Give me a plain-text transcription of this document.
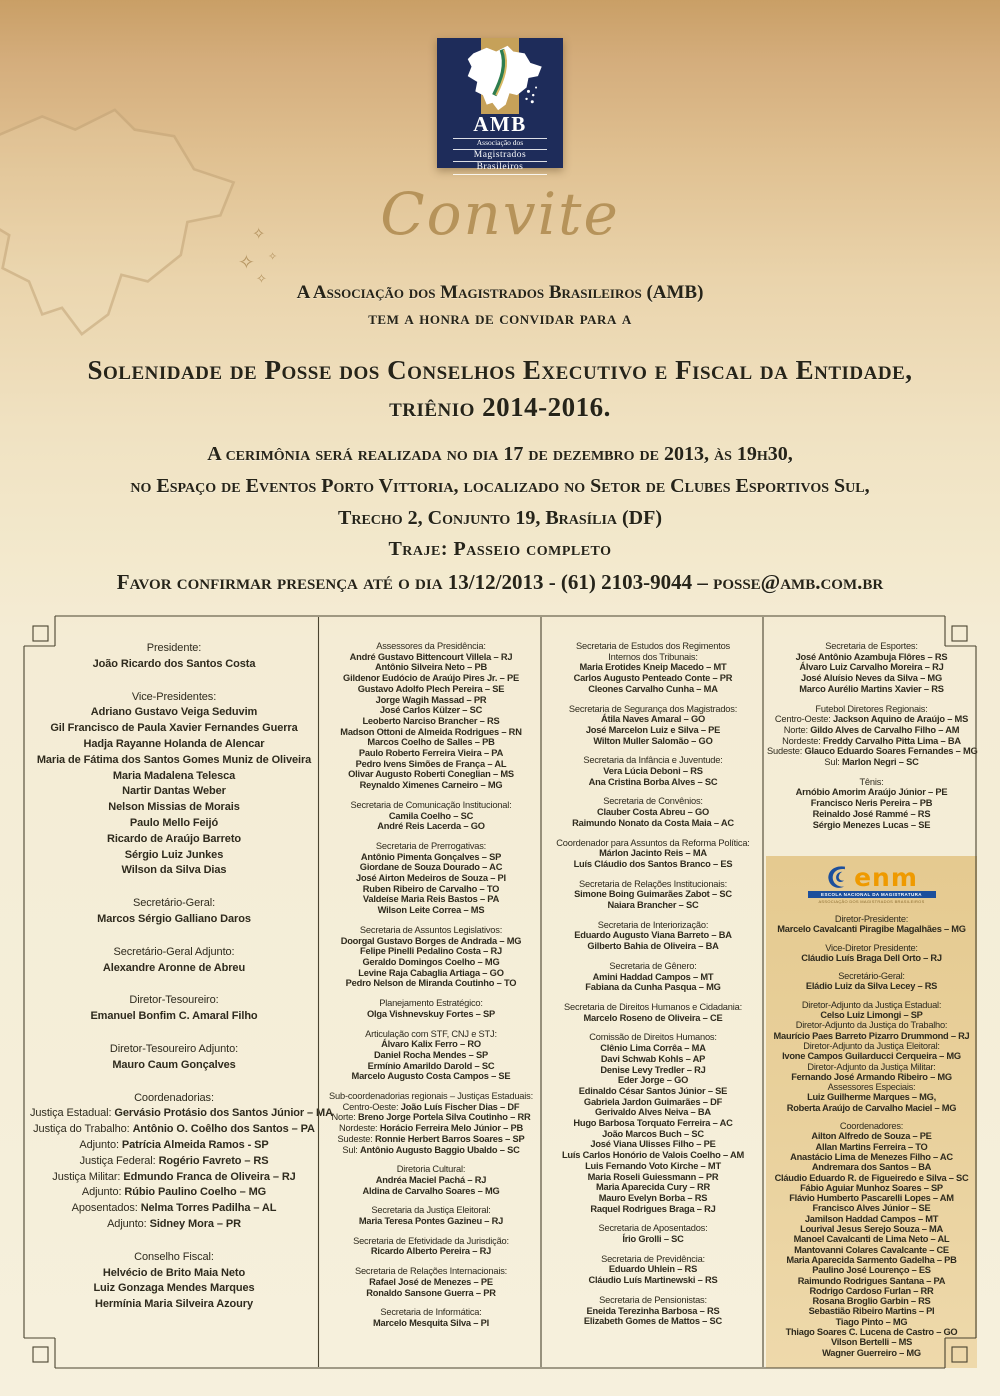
✧
✧ ✧
✧
AMB
Associação dos
Magistrados
Brasileiros
Convite

A Associação dos Magistrados Brasileiros (AMB)

tem a honra de convidar para a

Solenidade de Posse dos Conselhos Executivo e Fiscal da Entidade,
triênio 2014-2016.

A cerimônia será realizada no dia 17 de dezembro de 2013, às 19h30,
no Espaço de Eventos Porto Vittoria, localizado no Setor de Clubes Esportivos Sul,
Trecho 2, Conjunto 19, Brasília (DF)

Traje: Passeio completo

Favor confirmar presença até o dia 13/12/2013 - (61) 2103-9044 – posse@amb.com.br

enm
ESCOLA NACIONAL DA MAGISTRATURA
ASSOCIAÇÃO DOS MAGISTRADOS BRASILEIROS
Diretor-Presidente:
Marcelo Cavalcanti Piragibe Magalhães – MG
Vice-Diretor Presidente:
Cláudio Luís Braga Dell Orto – RJ
Secretário-Geral:
Eládio Luiz da Silva Lecey – RS
Diretor-Adjunto da Justiça Estadual:
Celso Luiz Limongi – SP
Diretor-Adjunto da Justiça do Trabalho:
Maurício Paes Barreto Pizarro Drummond – RJ
Diretor-Adjunto da Justiça Eleitoral:
Ivone Campos Guilarducci Cerqueira – MG
Diretor-Adjunto da Justiça Militar:
Fernando José Armando Ribeiro – MG
Assessores Especiais:
Luiz Guilherme Marques – MG,
Roberta Araújo de Carvalho Maciel – MG
Coordenadores:
Ailton Alfredo de Souza – PE
Allan Martins Ferreira – TO
Anastácio Lima de Menezes Filho – AC
Andremara dos Santos – BA
Cláudio Eduardo R. de Figueiredo e Silva – SC
Fábio Aguiar Munhoz Soares – SP
Flávio Humberto Pascarelli Lopes – AM
Francisco Alves Júnior – SE
Jamilson Haddad Campos – MT
Lourival Jesus Serejo Souza – MA
Manoel Cavalcanti de Lima Neto – AL
Mantovanni Colares Cavalcante – CE
Maria Aparecida Sarmento Gadelha – PB
Paulino José Lourenço – ES
Raimundo Rodrigues Santana – PA
Rodrigo Cardoso Furlan – RR
Rosana Broglio Garbin – RS
Sebastião Ribeiro Martins – PI
Tiago Pinto – MG
Thiago Soares C. Lucena de Castro – GO
Vilson Bertelli – MS
Wagner Guerreiro – MG
Presidente:
João Ricardo dos Santos Costa
Vice-Presidentes:
Adriano Gustavo Veiga Seduvim
Gil Francisco de Paula Xavier Fernandes Guerra
Hadja Rayanne Holanda de Alencar
Maria de Fátima dos Santos Gomes Muniz de Oliveira
Maria Madalena Telesca
Nartir Dantas Weber
Nelson Missias de Morais
Paulo Mello Feijó
Ricardo de Araújo Barreto
Sérgio Luiz Junkes
Wilson da Silva Dias
Secretário-Geral:
Marcos Sérgio Galliano Daros
Secretário-Geral Adjunto:
Alexandre Aronne de Abreu
Diretor-Tesoureiro:
Emanuel Bonfim C. Amaral Filho
Diretor-Tesoureiro Adjunto:
Mauro Caum Gonçalves
Coordenadorias:
Justiça Estadual: Gervásio Protásio dos Santos Júnior – MA
Justiça do Trabalho: Antônio O. Coêlho dos Santos – PA
Adjunto: Patrícia Almeida Ramos - SP
Justiça Federal: Rogério Favreto – RS
Justiça Militar: Edmundo Franca de Oliveira – RJ
Adjunto: Rúbio Paulino Coelho – MG
Aposentados: Nelma Torres Padilha – AL
Adjunto: Sidney Mora – PR
Conselho Fiscal:
Helvécio de Brito Maia Neto
Luiz Gonzaga Mendes Marques
Hermínia Maria Silveira Azoury
Assessores da Presidência:
André Gustavo Bittencourt Villela – RJ
Antônio Silveira Neto – PB
Gildenor Eudócio de Araújo Pires Jr. – PE
Gustavo Adolfo Plech Pereira – SE
Jorge Wagih Massad – PR
José Carlos Külzer – SC
Leoberto Narciso Brancher – RS
Madson Ottoni de Almeida Rodrigues – RN
Marcos Coelho de Salles – PB
Paulo Roberto Ferreira Vieira – PA
Pedro Ivens Simões de França – AL
Olivar Augusto Roberti Coneglian – MS
Reynaldo Ximenes Carneiro – MG
Secretaria de Comunicação Institucional:
Camila Coelho – SC
André Reis Lacerda – GO
Secretaria de Prerrogativas:
Antônio Pimenta Gonçalves – SP
Giordane de Souza Dourado – AC
José Airton Medeiros de Souza – PI
Ruben Ribeiro de Carvalho – TO
Valdeíse Maria Reis Bastos – PA
Wilson Leite Correa – MS
Secretaria de Assuntos Legislativos:
Doorgal Gustavo Borges de Andrada – MG
Felipe Pinelli Pedalino Costa – RJ
Geraldo Domingos Coelho – MG
Levine Raja Cabaglia Artiaga – GO
Pedro Nelson de Miranda Coutinho – TO
Planejamento Estratégico:
Olga Vishnevskuy Fortes – SP
Articulação com STF, CNJ e STJ:
Álvaro Kalix Ferro – RO
Daniel Rocha Mendes – SP
Ermínio Amarildo Darold – SC
Marcelo Augusto Costa Campos – SE
Sub-coordenadorias regionais – Justiças Estaduais:
Centro-Oeste: João Luís Fischer Dias – DF
Norte: Breno Jorge Portela Silva Coutinho – RR
Nordeste: Horácio Ferreira Melo Júnior – PB
Sudeste: Ronnie Herbert Barros Soares – SP
Sul: Antônio Augusto Baggio Ubaldo – SC
Diretoria Cultural:
Andréa Maciel Pachá – RJ
Aldina de Carvalho Soares – MG
Secretaria da Justiça Eleitoral:
Maria Teresa Pontes Gazineu – RJ
Secretaria de Efetividade da Jurisdição:
Ricardo Alberto Pereira – RJ
Secretaria de Relações Internacionais:
Rafael José de Menezes – PE
Ronaldo Sansone Guerra – PR
Secretaria de Informática:
Marcelo Mesquita Silva – PI
Secretaria de Estudos dos Regimentos
Internos dos Tribunais:
Maria Erotides Kneip Macedo – MT
Carlos Augusto Penteado Conte – PR
Cleones Carvalho Cunha – MA
Secretaria de Segurança dos Magistrados:
Átila Naves Amaral – GO
José Marcelon Luiz e Silva – PE
Wilton Muller Salomão – GO
Secretaria da Infância e Juventude:
Vera Lúcia Deboni – RS
Ana Cristina Borba Alves – SC
Secretaria de Convênios:
Clauber Costa Abreu – GO
Raimundo Nonato da Costa Maia – AC
Coordenador para Assuntos da Reforma Política:
Márlon Jacinto Reis – MA
Luís Cláudio dos Santos Branco – ES
Secretaria de Relações Institucionais:
Simone Boing Guimarães Zabot – SC
Naiara Brancher – SC
Secretaria de Interiorização:
Eduardo Augusto Viana Barreto – BA
Gilberto Bahia de Oliveira – BA
Secretaria de Gênero:
Amini Haddad Campos – MT
Fabiana da Cunha Pasqua – MG
Secretaria de Direitos Humanos e Cidadania:
Marcelo Roseno de Oliveira – CE
Comissão de Direitos Humanos:
Clênio Lima Corrêa – MA
Davi Schwab Kohls – AP
Denise Levy Tredler – RJ
Eder Jorge – GO
Edinaldo César Santos Júnior – SE
Gabriela Jardon Guimarães – DF
Gerivaldo Alves Neiva – BA
Hugo Barbosa Torquato Ferreira – AC
João Marcos Buch – SC
José Viana Ulisses Filho – PE
Luís Carlos Honório de Valois Coelho – AM
Luis Fernando Voto Kirche – MT
Maria Roseli Guiessmann – PR
Maria Aparecida Cury – RR
Mauro Evelyn Borba – RS
Raquel Rodrigues Braga – RJ
Secretaria de Aposentados:
Írio Grolli – SC
Secretaria de Previdência:
Eduardo Uhlein – RS
Cláudio Luís Martinewski – RS
Secretaria de Pensionistas:
Eneida Terezinha Barbosa – RS
Elizabeth Gomes de Mattos – SC
Secretaria de Esportes:
José Antônio Azambuja Flôres – RS
Álvaro Luiz Carvalho Moreira – RJ
José Aluísio Neves da Silva – MG
Marco Aurélio Martins Xavier – RS
Futebol Diretores Regionais:
Centro-Oeste: Jackson Aquino de Araújo – MS
Norte: Gildo Alves de Carvalho Filho – AM
Nordeste: Freddy Carvalho Pitta Lima – BA
Sudeste: Glauco Eduardo Soares Fernandes – MG
Sul: Marlon Negri – SC
Tênis:
Arnóbio Amorim Araújo Júnior – PE
Francisco Neris Pereira – PB
Reinaldo José Rammé – RS
Sérgio Menezes Lucas – SE
